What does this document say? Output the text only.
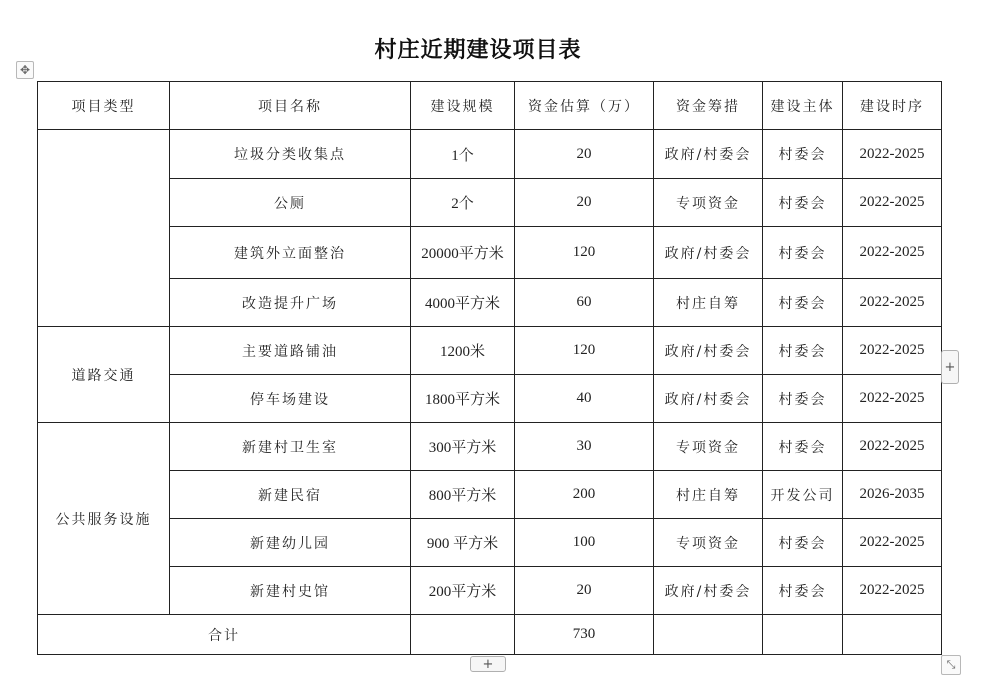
村庄近期建设项目表
✥
项目类型	项目名称	建设规模	资金估算（万）	资金筹措	建设主体	建设时序
	垃圾分类收集点	1个	20	政府/村委会	村委会	2022-2025
	公厕	2个	20	专项资金	村委会	2022-2025
	建筑外立面整治	20000平方米	120	政府/村委会	村委会	2022-2025
	改造提升广场	4000平方米	60	村庄自筹	村委会	2022-2025
道路交通	主要道路铺油	1200米	120	政府/村委会	村委会	2022-2025
	停车场建设	1800平方米	40	政府/村委会	村委会	2022-2025
公共服务设施	新建村卫生室	300平方米	30	专项资金	村委会	2022-2025
	新建民宿	800平方米	200	村庄自筹	开发公司	2026-2035
	新建幼儿园	900 平方米	100	专项资金	村委会	2022-2025
	新建村史馆	200平方米	20	政府/村委会	村委会	2022-2025
合计			730			
+
+	⤡
